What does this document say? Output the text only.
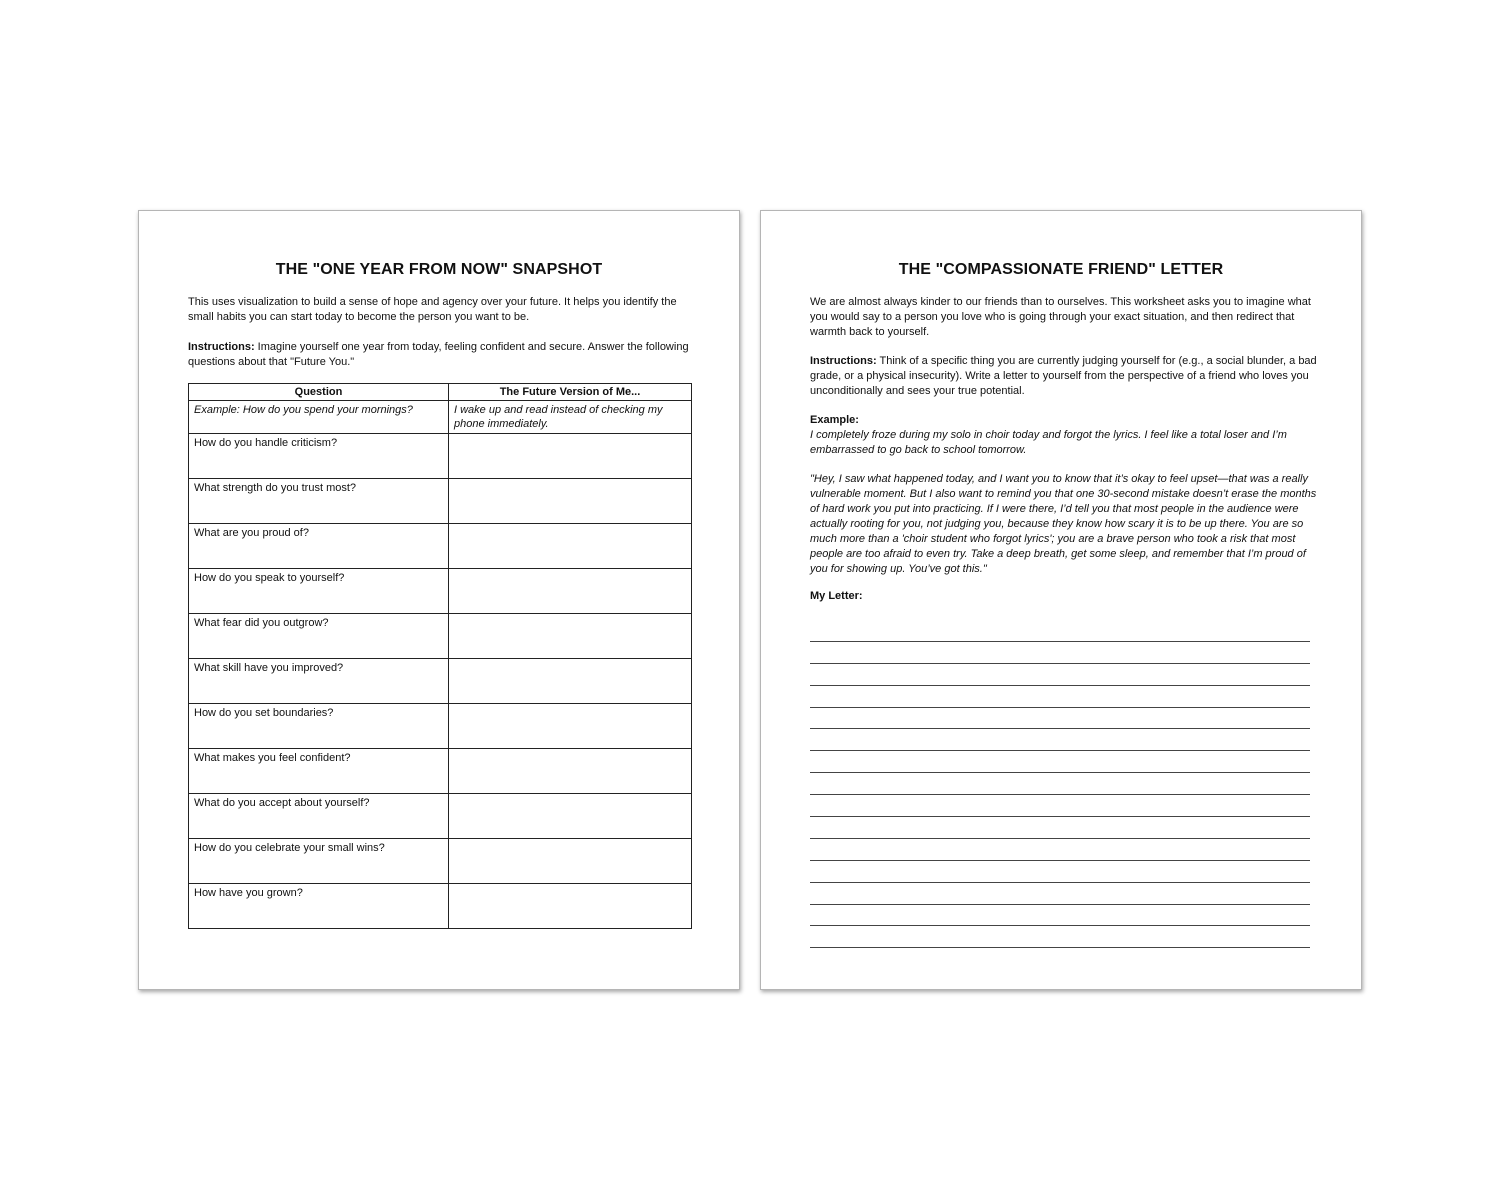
THE "ONE YEAR FROM NOW" SNAPSHOT

This uses visualization to build a sense of hope and agency over your future. It helps you identify the small habits you can start today to become the person you want to be.

Instructions: Imagine yourself one year from today, feeling confident and secure. Answer the following questions about that "Future You."

Question	The Future Version of Me...
Example: How do you spend your mornings?	I wake up and read instead of checking my phone immediately.
How do you handle criticism?	
What strength do you trust most?	
What are you proud of?	
How do you speak to yourself?	
What fear did you outgrow?	
What skill have you improved?	
How do you set boundaries?	
What makes you feel confident?	
What do you accept about yourself?	
How do you celebrate your small wins?	
How have you grown?	
THE "COMPASSIONATE FRIEND" LETTER

We are almost always kinder to our friends than to ourselves. This worksheet asks you to imagine what you would say to a person you love who is going through your exact situation, and then redirect that warmth back to yourself.

Instructions: Think of a specific thing you are currently judging yourself for (e.g., a social blunder, a bad grade, or a physical insecurity). Write a letter to yourself from the perspective of a friend who loves you unconditionally and sees your true potential.

Example:
I completely froze during my solo in choir today and forgot the lyrics. I feel like a total loser and I’m embarrassed to go back to school tomorrow.

"Hey, I saw what happened today, and I want you to know that it’s okay to feel upset—that was a really vulnerable moment. But I also want to remind you that one 30-second mistake doesn’t erase the months of hard work you put into practicing. If I were there, I’d tell you that most people in the audience were actually rooting for you, not judging you, because they know how scary it is to be up there. You are so much more than a 'choir student who forgot lyrics'; you are a brave person who took a risk that most people are too afraid to even try. Take a deep breath, get some sleep, and remember that I’m proud of you for showing up. You’ve got this."

My Letter:
